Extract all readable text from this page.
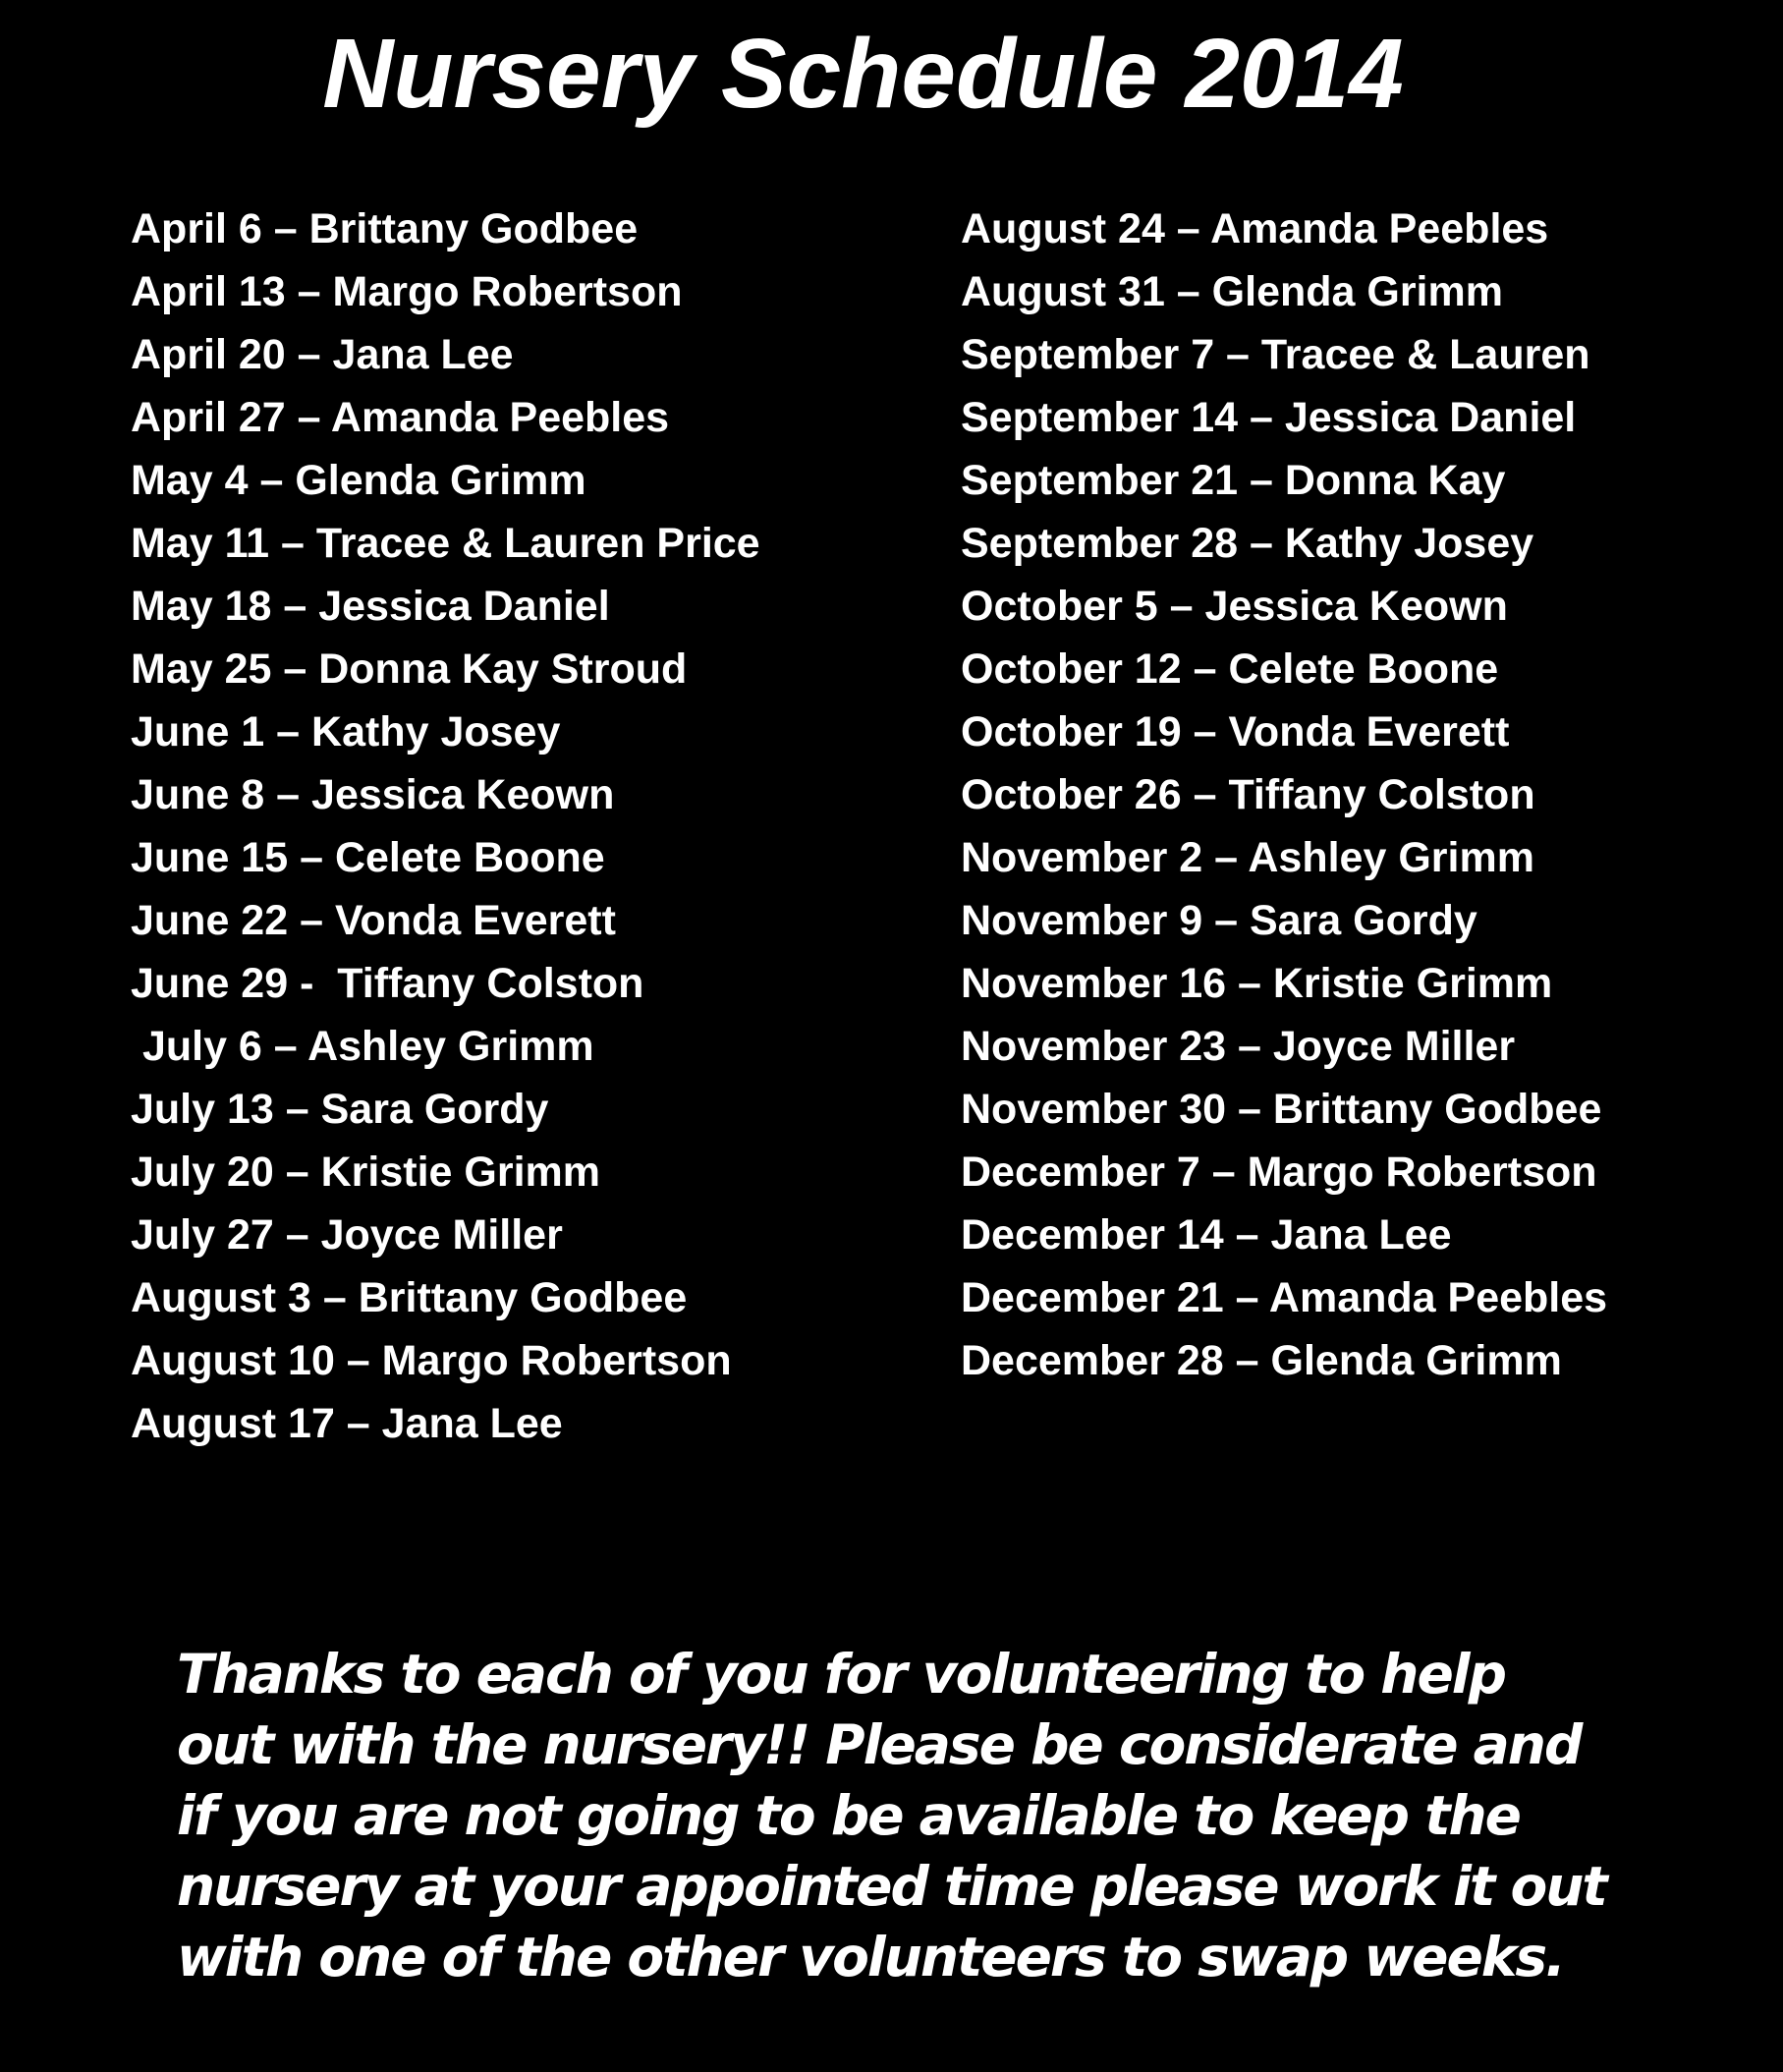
Nursery Schedule 2014
April 6 – Brittany Godbee
April 13 – Margo Robertson
April 20 – Jana Lee
April 27 – Amanda Peebles
May 4 – Glenda Grimm
May 11 – Tracee & Lauren Price
May 18 – Jessica Daniel
May 25 – Donna Kay Stroud
June 1 – Kathy Josey
June 8 – Jessica Keown
June 15 – Celete Boone
June 22 – Vonda Everett
June 29 -  Tiffany Colston
July 6 – Ashley Grimm
July 13 – Sara Gordy
July 20 – Kristie Grimm
July 27 – Joyce Miller
August 3 – Brittany Godbee
August 10 – Margo Robertson
August 17 – Jana Lee
August 24 – Amanda Peebles
August 31 – Glenda Grimm
September 7 – Tracee & Lauren
September 14 – Jessica Daniel
September 21 – Donna Kay
September 28 – Kathy Josey
October 5 – Jessica Keown
October 12 – Celete Boone
October 19 – Vonda Everett
October 26 – Tiffany Colston
November 2 – Ashley Grimm
November 9 – Sara Gordy
November 16 – Kristie Grimm
November 23 – Joyce Miller
November 30 – Brittany Godbee
December 7 – Margo Robertson
December 14 – Jana Lee
December 21 – Amanda Peebles
December 28 – Glenda Grimm
Thanks to each of you for volunteering to help
out with the nursery!! Please be considerate and
if you are not going to be available to keep the
nursery at your appointed time please work it out
with one of the other volunteers to swap weeks.
